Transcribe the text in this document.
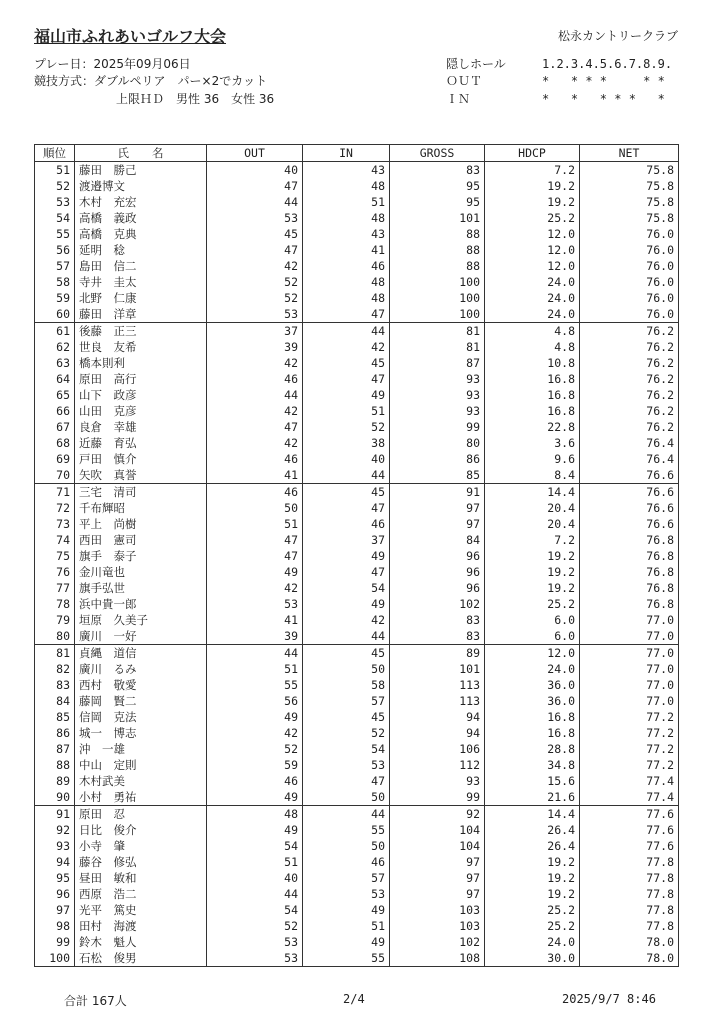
福山市ふれあいゴルフ大会	松永カントリークラブ
プレー日：2025年09月06日
競技方式：ダブルペリア　パー×2でカット
上限ＨＤ　男性 36　女性 36
隠しホール	1.2.3.4.5.6.7.8.9.
ＯＵＴ	*   * * *     * *
ＩＮ	*   *   * * *   *
順位	氏　　名	OUT	IN	GROSS	HDCP	NET
51	藤田　勝己	40	43	83	7.2	75.8
52	渡邉博文	47	48	95	19.2	75.8
53	木村　充宏	44	51	95	19.2	75.8
54	高橋　義政	53	48	101	25.2	75.8
55	高橋　克典	45	43	88	12.0	76.0
56	延明　稔	47	41	88	12.0	76.0
57	島田　信二	42	46	88	12.0	76.0
58	寺井　圭太	52	48	100	24.0	76.0
59	北野　仁康	52	48	100	24.0	76.0
60	藤田　洋章	53	47	100	24.0	76.0
61	後藤　正三	37	44	81	4.8	76.2
62	世良　友希	39	42	81	4.8	76.2
63	橋本則利	42	45	87	10.8	76.2
64	原田　高行	46	47	93	16.8	76.2
65	山下　政彦	44	49	93	16.8	76.2
66	山田　克彦	42	51	93	16.8	76.2
67	良倉　幸雄	47	52	99	22.8	76.2
68	近藤　育弘	42	38	80	3.6	76.4
69	戸田　慎介	46	40	86	9.6	76.4
70	矢吹　真誉	41	44	85	8.4	76.6
71	三宅　清司	46	45	91	14.4	76.6
72	千布輝昭	50	47	97	20.4	76.6
73	平上　尚樹	51	46	97	20.4	76.6
74	西田　憲司	47	37	84	7.2	76.8
75	旗手　泰子	47	49	96	19.2	76.8
76	金川竜也	49	47	96	19.2	76.8
77	旗手弘世	42	54	96	19.2	76.8
78	浜中貴一郎	53	49	102	25.2	76.8
79	垣原　久美子	41	42	83	6.0	77.0
80	廣川　一好	39	44	83	6.0	77.0
81	貞縄　道信	44	45	89	12.0	77.0
82	廣川　るみ	51	50	101	24.0	77.0
83	西村　敬愛	55	58	113	36.0	77.0
84	藤岡　賢二	56	57	113	36.0	77.0
85	信岡　克法	49	45	94	16.8	77.2
86	城一　博志	42	52	94	16.8	77.2
87	沖　一雄	52	54	106	28.8	77.2
88	中山　定則	59	53	112	34.8	77.2
89	木村武美	46	47	93	15.6	77.4
90	小村　勇祐	49	50	99	21.6	77.4
91	原田　忍	48	44	92	14.4	77.6
92	日比　俊介	49	55	104	26.4	77.6
93	小寺　肇	54	50	104	26.4	77.6
94	藤谷　修弘	51	46	97	19.2	77.8
95	昼田　敏和	40	57	97	19.2	77.8
96	西原　浩二	44	53	97	19.2	77.8
97	光平　篤史	54	49	103	25.2	77.8
98	田村　海渡	52	51	103	25.2	77.8
99	鈴木　魁人	53	49	102	24.0	78.0
100	石松　俊男	53	55	108	30.0	78.0
合計 167人	2/4	2025/9/7 8:46
